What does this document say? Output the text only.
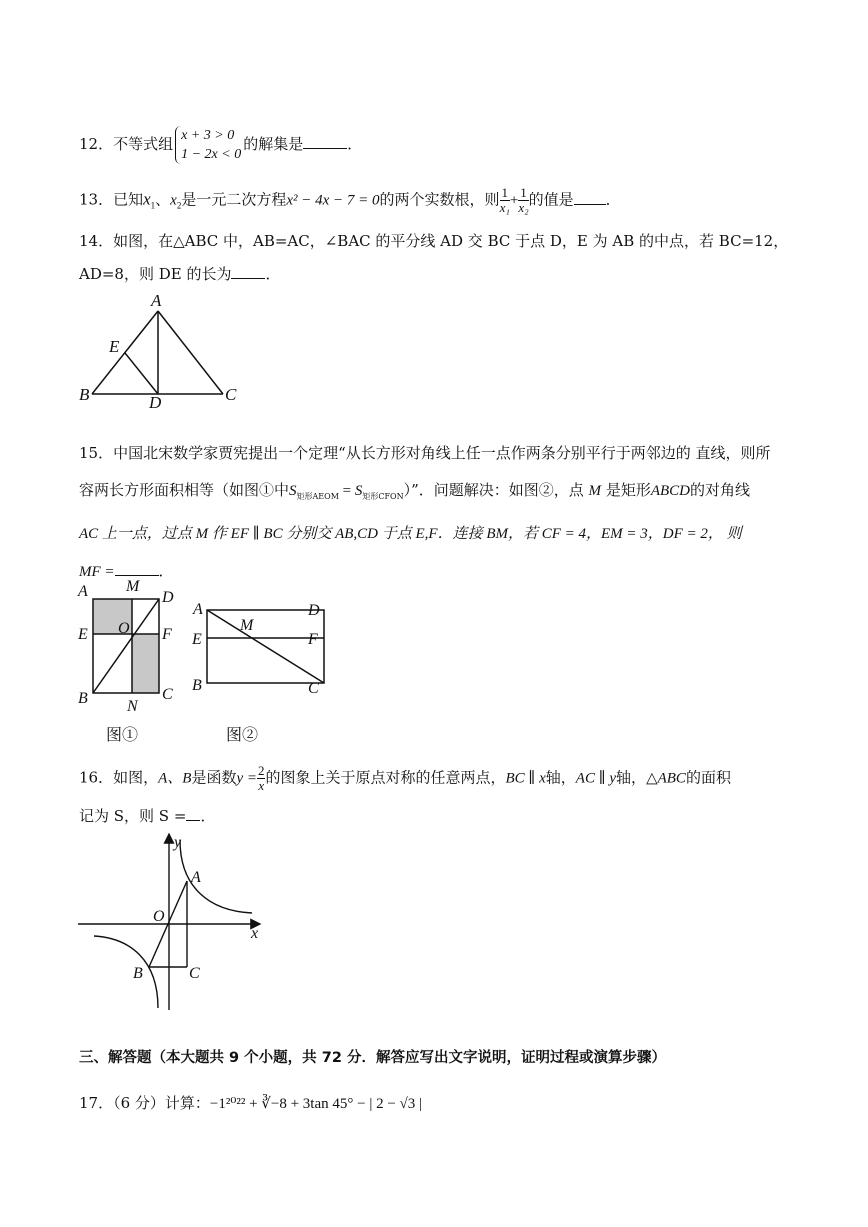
12．不等式组 x + 3 > 0
1 − 2x < 0
的解集是	．
13．已知$x_1$、$x_2$是一元二次方程x² − 4x − 7 = 0的两个实数根，则 $\frac{1}{\text{x₁}} + \frac{1}{\text{x₂}}$ 的值是 ．
14．如图，在△ABC 中，AB=AC，∠BAC 的平分线 AD 交 BC 于点 D，E 为 AB 的中点，若 BC=12，
AD=8，则 DE 的长为 ．
A
E
B	D	C
15．中国北宋数学家贾宪提出一个定理“从长方形对角线上任一点作两条分别平行于两邻边的 直线，则所
容两长方形面积相等（如图①中$S_{矩形AEOM} = S_{矩形CFON}$）”．问题解决：如图②，点 M 是矩形ABCD的对角线
AC 上一点，过点 M 作 EF ∥ BC 分别交 AB,CD 于点 E,F．连接 BM，若 CF = 4，EM = 3，DF = 2， 则
MF =	．
A M
D
E O F
B	C
N
图①
A	D
M
E	F
B	C
图②
16．如图，A、B是函数$y = \frac{2}{x}$ 的图象上关于原点对称的任意两点，BC ∥ x轴，AC ∥ y轴，△ABC的面积
记为 S，则 S = ．
y
x
O
A
B	C
三、解答题（本大题共 9 个小题，共 72 分．解答应写出文字说明，证明过程或演算步骤）
17．（6 分）计算：−1²⁰²² + ∛−8 + 3tan 45° − | 2 − √3 |
